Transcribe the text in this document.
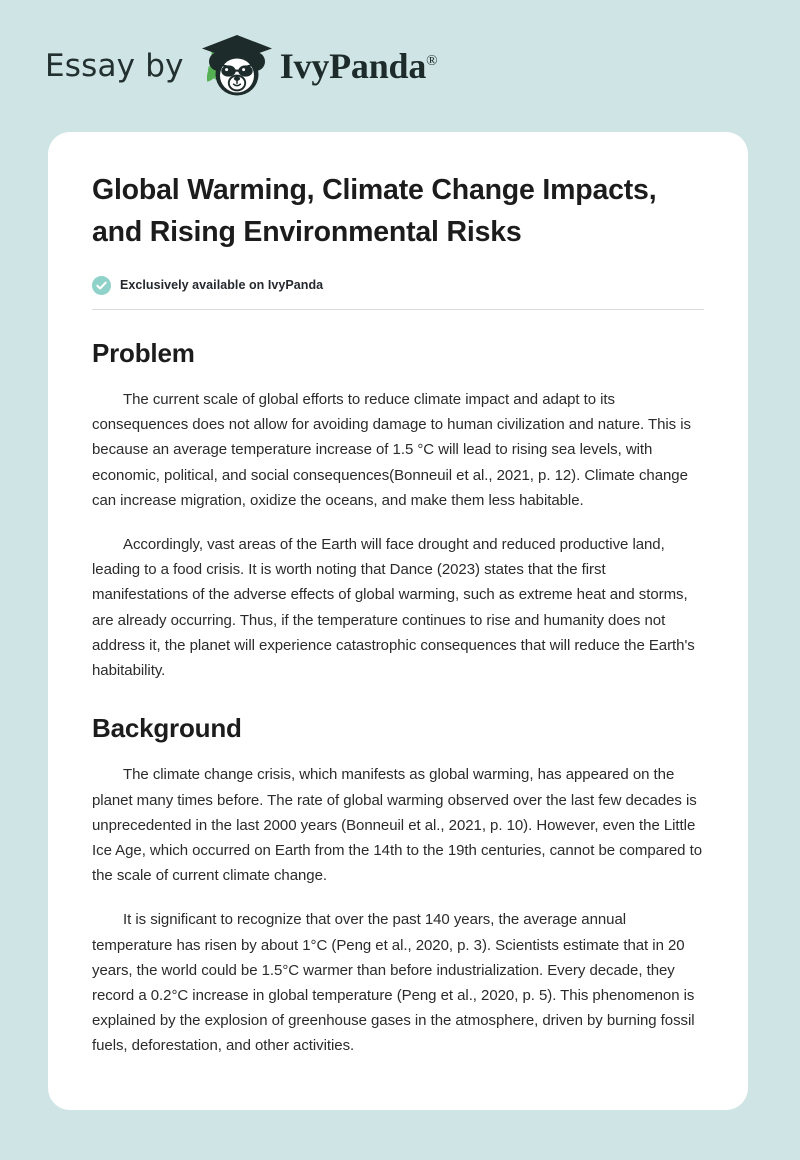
Essay by	IvyPanda®
Global Warming, Climate Change Impacts, and Rising Environmental Risks
Exclusively available on IvyPanda
Problem

The current scale of global efforts to reduce climate impact and adapt to its consequences does not allow for avoiding damage to human civilization and nature. This is because an average temperature increase of 1.5 °C will lead to rising sea levels, with economic, political, and social consequences(Bonneuil et al., 2021, p. 12). Climate change can increase migration, oxidize the oceans, and make them less habitable.

Accordingly, vast areas of the Earth will face drought and reduced productive land, leading to a food crisis. It is worth noting that Dance (2023) states that the first manifestations of the adverse effects of global warming, such as extreme heat and storms, are already occurring. Thus, if the temperature continues to rise and humanity does not address it, the planet will experience catastrophic consequences that will reduce the Earth's habitability.

Background

The climate change crisis, which manifests as global warming, has appeared on the planet many times before. The rate of global warming observed over the last few decades is unprecedented in the last 2000 years (Bonneuil et al., 2021, p. 10). However, even the Little Ice Age, which occurred on Earth from the 14th to the 19th centuries, cannot be compared to the scale of current climate change.

It is significant to recognize that over the past 140 years, the average annual temperature has risen by about 1°C (Peng et al., 2020, p. 3). Scientists estimate that in 20 years, the world could be 1.5°C warmer than before industrialization. Every decade, they record a 0.2°C increase in global temperature (Peng et al., 2020, p. 5). This phenomenon is explained by the explosion of greenhouse gases in the atmosphere, driven by burning fossil fuels, deforestation, and other activities.
